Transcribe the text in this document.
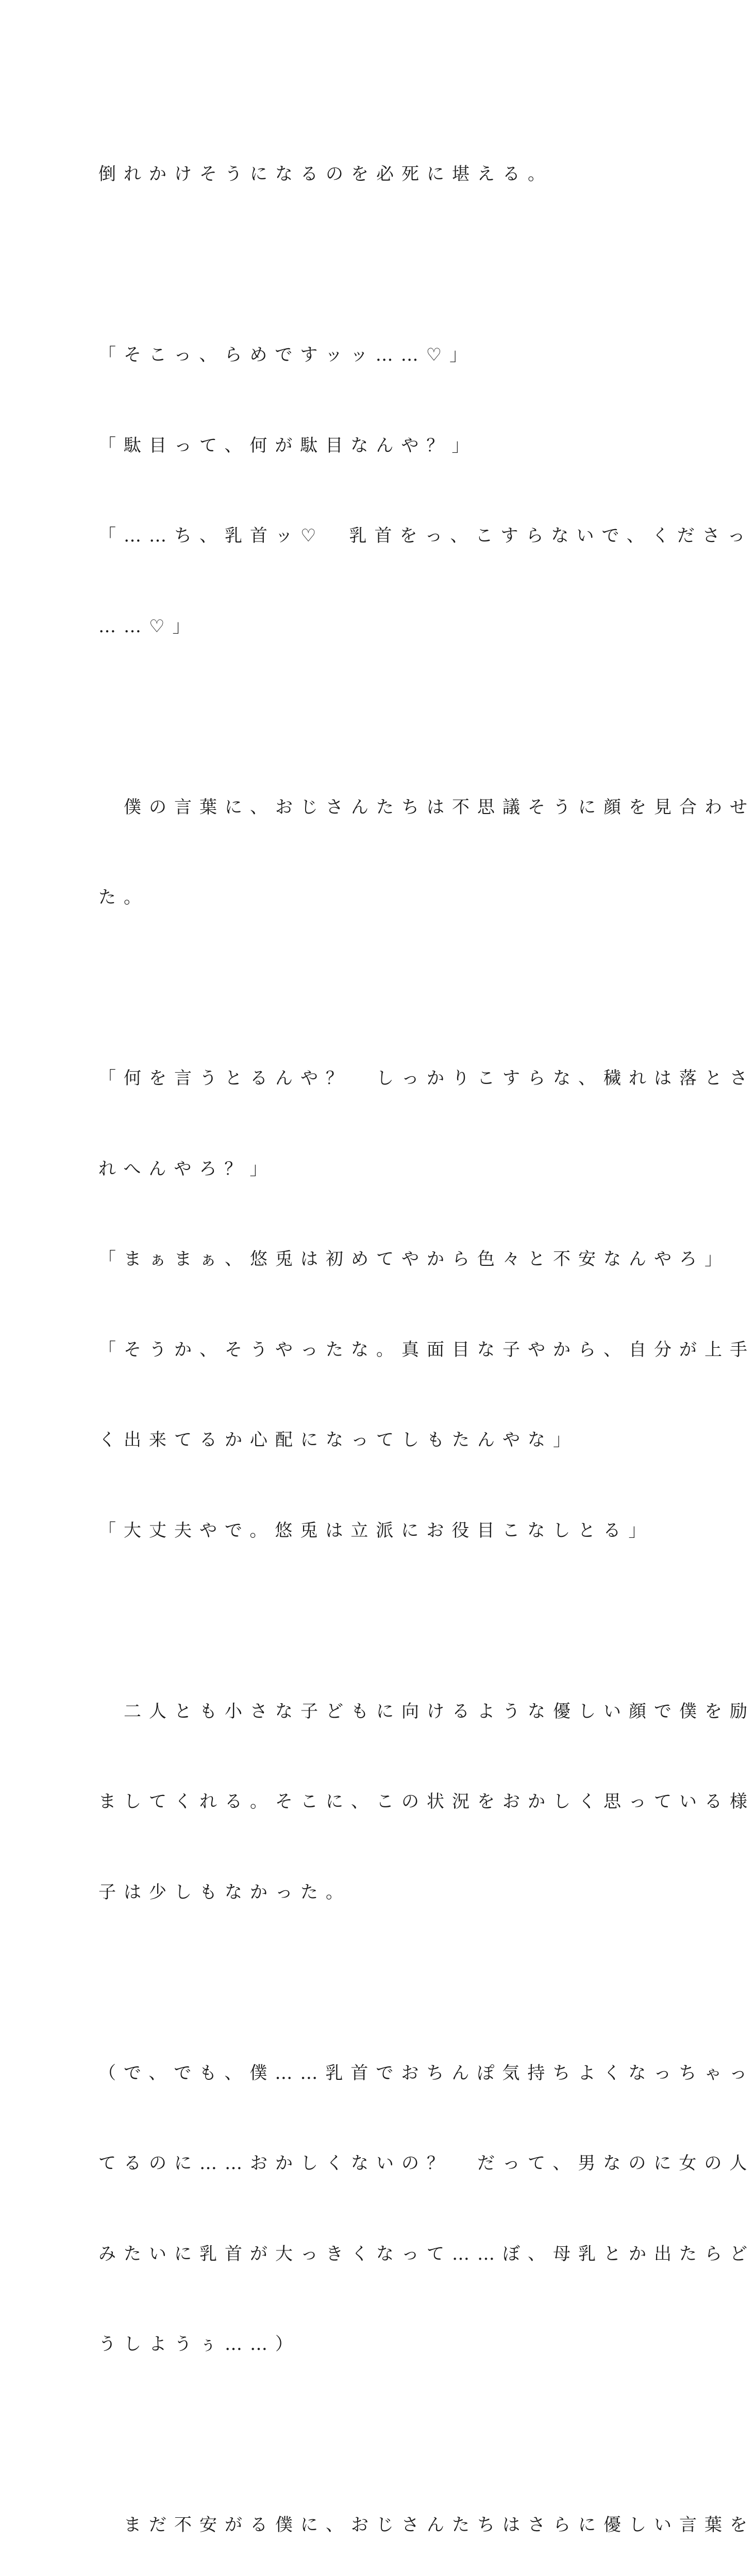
倒れかけそうになるのを必死に堪える。

「そこっ、らめですッッ……♡」

「駄目って、何が駄目なんや？」

「……ち、乳首ッ♡　乳首をっ、こすらないで、くださっ

……♡」

　僕の言葉に、おじさんたちは不思議そうに顔を見合わせ

た。

「何を言うとるんや？　しっかりこすらな、穢れは落とさ

れへんやろ？」

「まぁまぁ、悠兎は初めてやから色々と不安なんやろ」

「そうか、そうやったな。真面目な子やから、自分が上手

く出来てるか心配になってしもたんやな」

「大丈夫やで。悠兎は立派にお役目こなしとる」

　二人とも小さな子どもに向けるような優しい顔で僕を励

ましてくれる。そこに、この状況をおかしく思っている様

子は少しもなかった。

（で、でも、僕……乳首でおちんぽ気持ちよくなっちゃっ

てるのに……おかしくないの？　だって、男なのに女の人

みたいに乳首が大っきくなって……ぼ、母乳とか出たらど

うしようぅ……）

　まだ不安がる僕に、おじさんたちはさらに優しい言葉を
